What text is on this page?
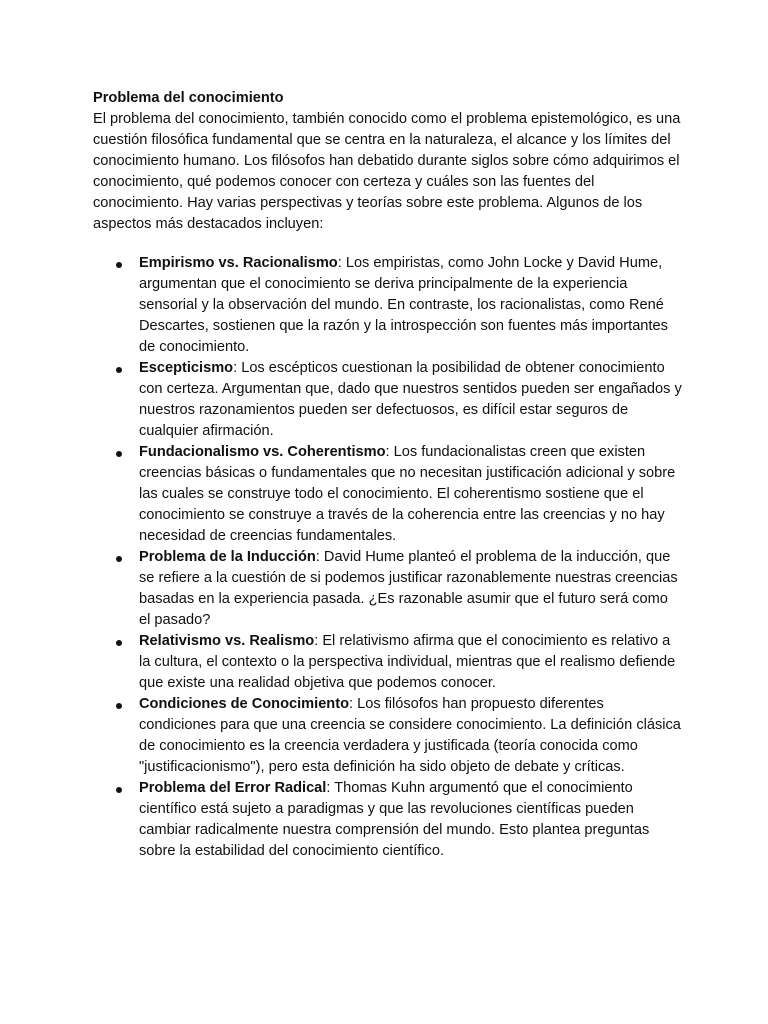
Problema del conocimiento

El problema del conocimiento, también conocido como el problema epistemológico, es una cuestión filosófica fundamental que se centra en la naturaleza, el alcance y los límites del conocimiento humano. Los filósofos han debatido durante siglos sobre cómo adquirimos el conocimiento, qué podemos conocer con certeza y cuáles son las fuentes del conocimiento. Hay varias perspectivas y teorías sobre este problema. Algunos de los aspectos más destacados incluyen:

Empirismo vs. Racionalismo: Los empiristas, como John Locke y David Hume, argumentan que el conocimiento se deriva principalmente de la experiencia sensorial y la observación del mundo. En contraste, los racionalistas, como René Descartes, sostienen que la razón y la introspección son fuentes más importantes de conocimiento.
Escepticismo: Los escépticos cuestionan la posibilidad de obtener conocimiento con certeza. Argumentan que, dado que nuestros sentidos pueden ser engañados y nuestros razonamientos pueden ser defectuosos, es difícil estar seguros de cualquier afirmación.
Fundacionalismo vs. Coherentismo: Los fundacionalistas creen que existen creencias básicas o fundamentales que no necesitan justificación adicional y sobre las cuales se construye todo el conocimiento. El coherentismo sostiene que el conocimiento se construye a través de la coherencia entre las creencias y no hay necesidad de creencias fundamentales.
Problema de la Inducción: David Hume planteó el problema de la inducción, que se refiere a la cuestión de si podemos justificar razonablemente nuestras creencias basadas en la experiencia pasada. ¿Es razonable asumir que el futuro será como el pasado?
Relativismo vs. Realismo: El relativismo afirma que el conocimiento es relativo a la cultura, el contexto o la perspectiva individual, mientras que el realismo defiende que existe una realidad objetiva que podemos conocer.
Condiciones de Conocimiento: Los filósofos han propuesto diferentes condiciones para que una creencia se considere conocimiento. La definición clásica de conocimiento es la creencia verdadera y justificada (teoría conocida como "justificacionismo"), pero esta definición ha sido objeto de debate y críticas.
Problema del Error Radical: Thomas Kuhn argumentó que el conocimiento científico está sujeto a paradigmas y que las revoluciones científicas pueden cambiar radicalmente nuestra comprensión del mundo. Esto plantea preguntas sobre la estabilidad del conocimiento científico.
